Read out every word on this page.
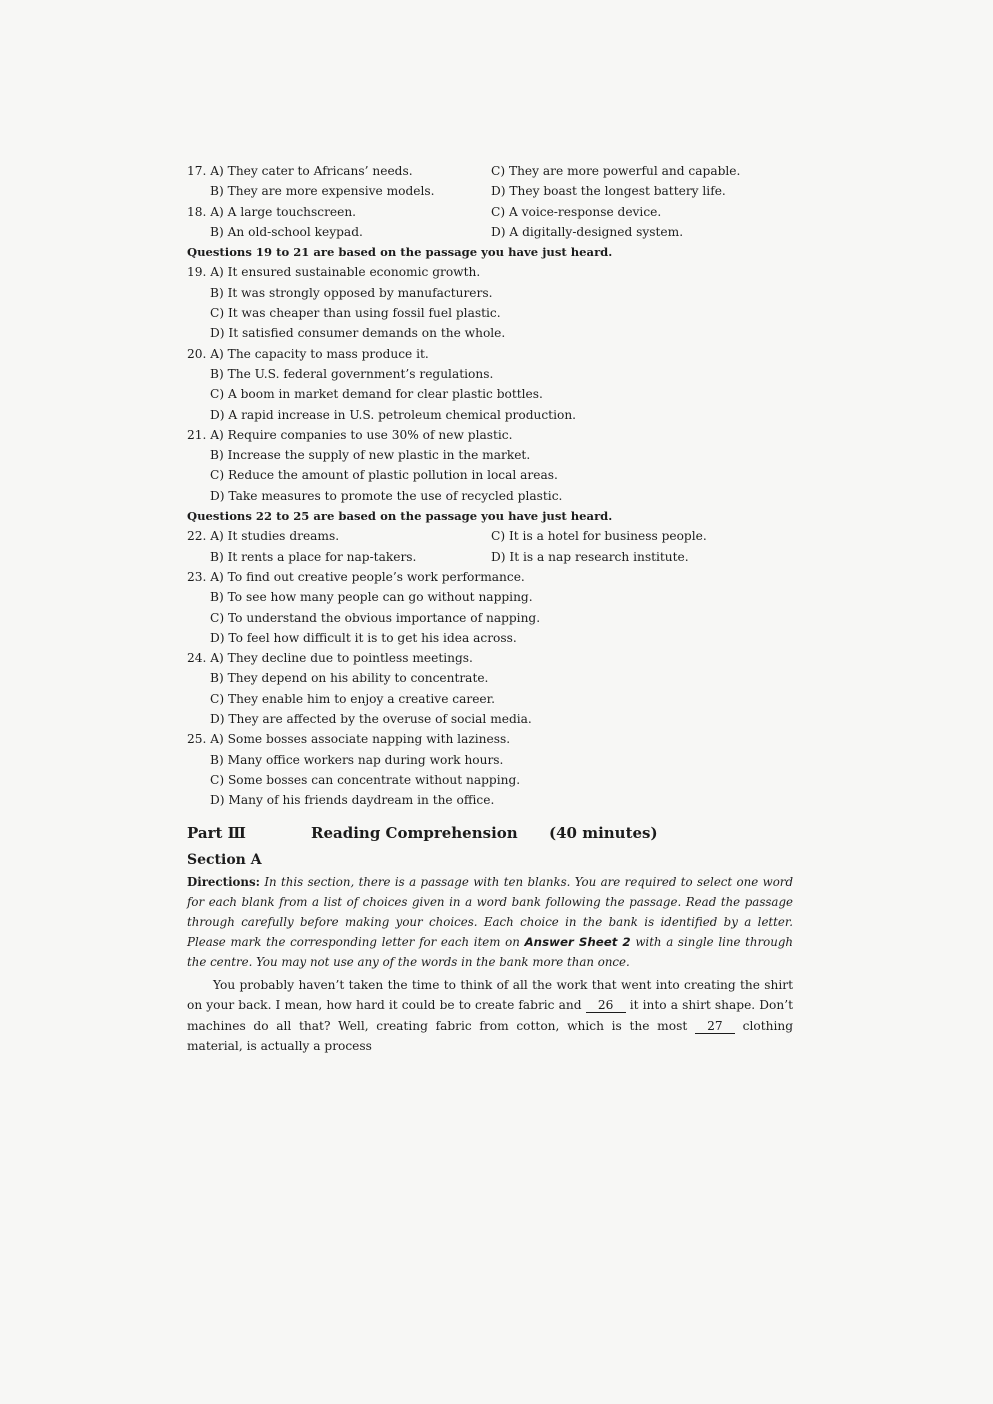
17. A) They cater to Africans’ needs.	C) They are more powerful and capable.
B) They are more expensive models.	D) They boast the longest battery life.
18. A) A large touchscreen.	C) A voice-response device.
B) An old-school keypad.	D) A digitally-designed system.
Questions 19 to 21 are based on the passage you have just heard.
19. A) It ensured sustainable economic growth.
B) It was strongly opposed by manufacturers.
C) It was cheaper than using fossil fuel plastic.
D) It satisfied consumer demands on the whole.
20. A) The capacity to mass produce it.
B) The U.S. federal government’s regulations.
C) A boom in market demand for clear plastic bottles.
D) A rapid increase in U.S. petroleum chemical production.
21. A) Require companies to use 30% of new plastic.
B) Increase the supply of new plastic in the market.
C) Reduce the amount of plastic pollution in local areas.
D) Take measures to promote the use of recycled plastic.
Questions 22 to 25 are based on the passage you have just heard.
22. A) It studies dreams.	C) It is a hotel for business people.
B) It rents a place for nap-takers.	D) It is a nap research institute.
23. A) To find out creative people’s work performance.
B) To see how many people can go without napping.
C) To understand the obvious importance of napping.
D) To feel how difficult it is to get his idea across.
24. A) They decline due to pointless meetings.
B) They depend on his ability to concentrate.
C) They enable him to enjoy a creative career.
D) They are affected by the overuse of social media.
25. A) Some bosses associate napping with laziness.
B) Many office workers nap during work hours.
C) Some bosses can concentrate without napping.
D) Many of his friends daydream in the office.
Part Ⅲ	Reading Comprehension (40 minutes)
Section A
Directions: In this section, there is a passage with ten blanks. You are required to select one word for each blank from a list of choices given in a word bank following the passage. Read the passage through carefully before making your choices. Each choice in the bank is identified by a letter. Please mark the corresponding letter for each item on Answer Sheet 2 with a single line through the centre. You may not use any of the words in the bank more than once.
You probably haven’t taken the time to think of all the work that went into creating the shirt on your back. I mean, how hard it could be to create fabric and 26 it into a shirt shape. Don’t machines do all that? Well, creating fabric from cotton, which is the most 27 clothing material, is actually a process
